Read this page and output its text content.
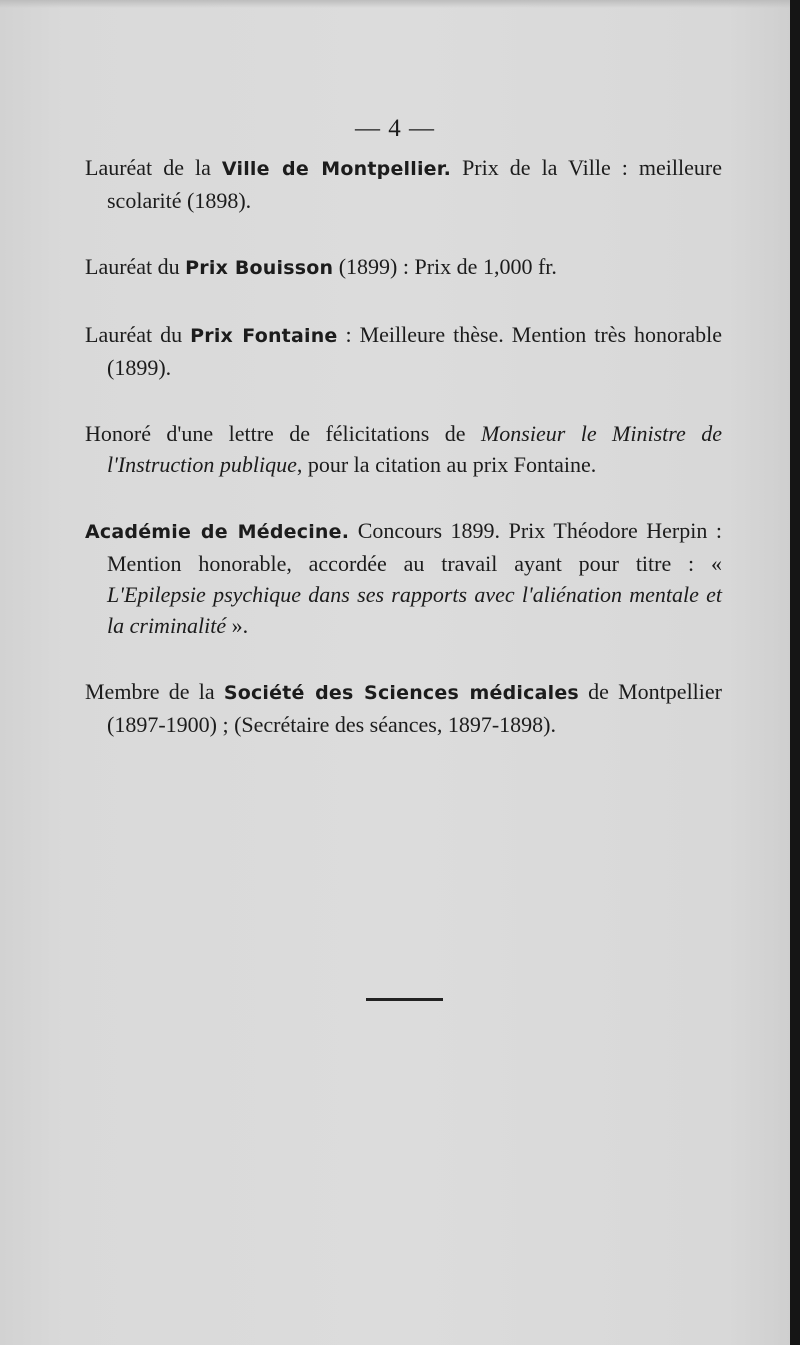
— 4 —

Lauréat de la Ville de Montpellier. Prix de la Ville : meilleure scolarité (1898).

Lauréat du Prix Bouisson (1899) : Prix de 1,000 fr.

Lauréat du Prix Fontaine : Meilleure thèse. Mention très honorable (1899).

Honoré d'une lettre de félicitations de Monsieur le Ministre de l'Instruction publique, pour la citation au prix Fontaine.

Académie de Médecine. Concours 1899. Prix Théodore Herpin : Mention honorable, accordée au travail ayant pour titre : « L'Epilepsie psychique dans ses rapports avec l'aliénation mentale et la criminalité ».

Membre de la Société des Sciences médicales de Montpellier (1897-1900) ; (Secrétaire des séances, 1897-1898).
